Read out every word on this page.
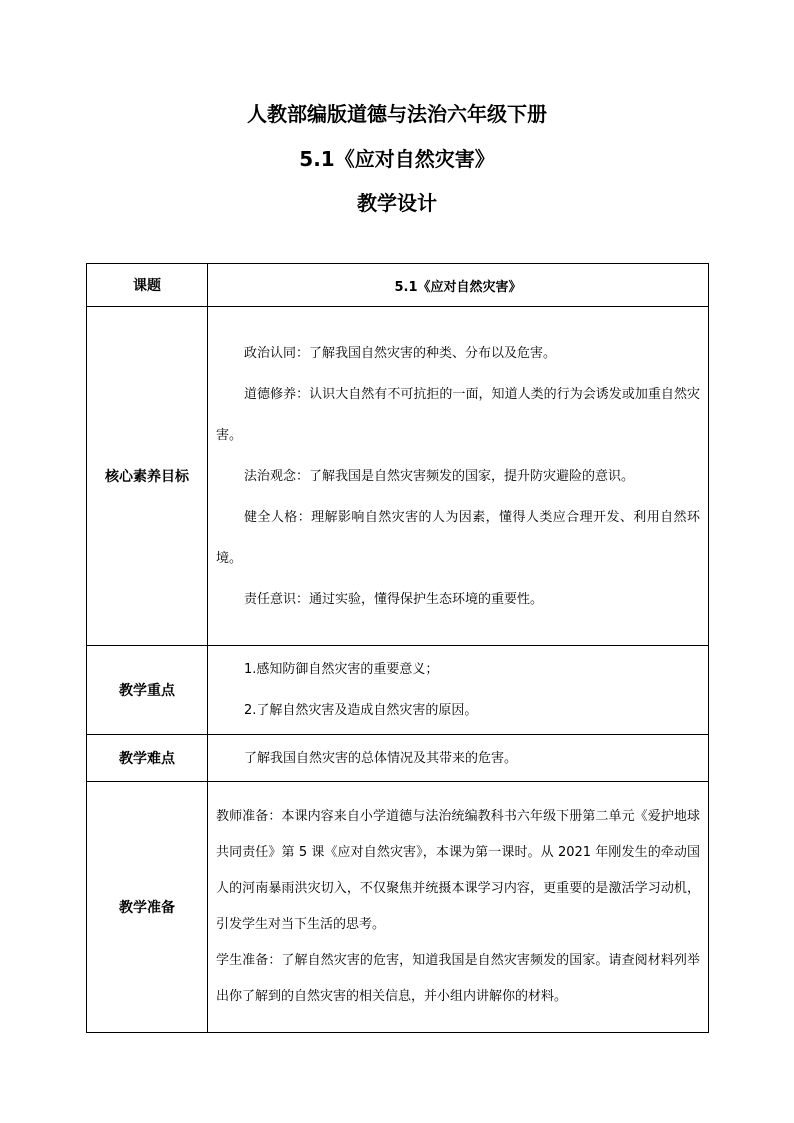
人教部编版道德与法治六年级下册
5.1《应对自然灾害》
教学设计
课题	5.1《应对自然灾害》
核心素养目标	政治认同：了解我国自然灾害的种类、分布以及危害。

道德修养：认识大自然有不可抗拒的一面，知道人类的行为会诱发或加重自然灾害。

法治观念：了解我国是自然灾害频发的国家，提升防灾避险的意识。

健全人格：理解影响自然灾害的人为因素，懂得人类应合理开发、利用自然环境。

责任意识：通过实验，懂得保护生态环境的重要性。

教学重点	1.感知防御自然灾害的重要意义；

2.了解自然灾害及造成自然灾害的原因。

教学难点	了解我国自然灾害的总体情况及其带来的危害。

教学准备	教师准备：本课内容来自小学道德与法治统编教科书六年级下册第二单元《爱护地球 共同责任》第 5 课《应对自然灾害》，本课为第一课时。从 2021 年刚发生的牵动国人的河南暴雨洪灾切入，不仅聚焦并统摄本课学习内容，更重要的是激活学习动机，引发学生对当下生活的思考。

学生准备：了解自然灾害的危害，知道我国是自然灾害频发的国家。请查阅材料列举出你了解到的自然灾害的相关信息，并小组内讲解你的材料。
